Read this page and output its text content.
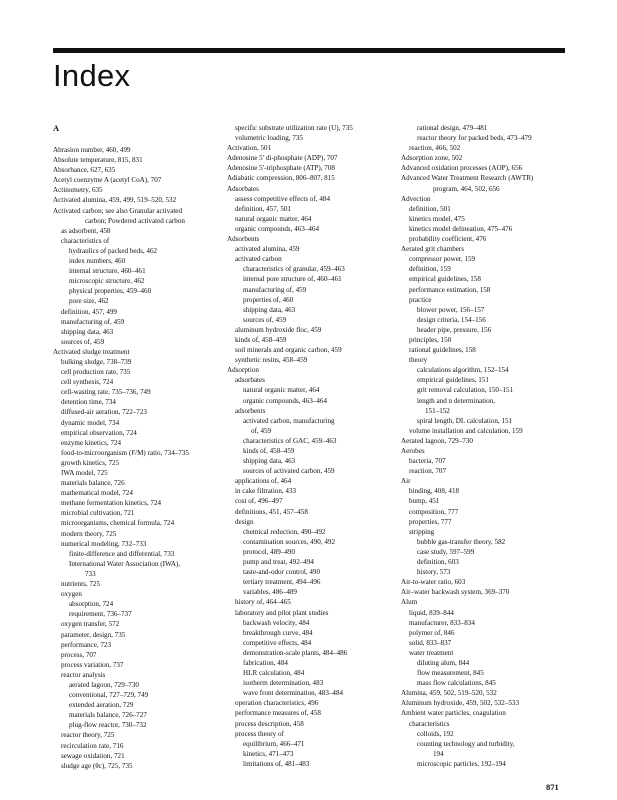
Index
A
Abrasion number, 460, 499
Absolute temperature, 815, 831
Absorbance, 627, 635
Acetyl coenzyme A (acetyl CoA), 707
Actinometry, 635
Activated alumina, 459, 499, 519–520, 532
Activated carbon; see also Granular activated
carbon; Powdered activated carbon
as adsorbent, 458
characteristics of
hydraulics of packed beds, 462
index numbers, 460
internal structure, 460–461
microscopic structure, 462
physical properties, 459–460
pore size, 462
definition, 457, 499
manufacturing of, 459
shipping data, 463
sources of, 459
Activated sludge treatment
bulking sludge, 738–739
cell production rate, 735
cell synthesis, 724
cell-wasting rate, 735–736, 749
detention time, 734
diffused-air aeration, 722–723
dynamic model, 734
empirical observation, 724
enzyme kinetics, 724
food-to-microorganism (F/M) ratio, 734–735
growth kinetics, 725
IWA model, 725
materials balance, 726
mathematical model, 724
methane fermentation kinetics, 724
microbial cultivation, 721
microorganisms, chemical formula, 724
modern theory, 725
numerical modeling, 732–733
finite-difference and differential, 733
International Water Association (IWA),
733
nutrients, 725
oxygen
absorption, 724
requirement, 736–737
oxygen transfer, 572
parameter, design, 735
performance, 723
process, 707
process variation, 737
reactor analysis
aerated lagoon, 729–730
conventional, 727–729, 749
extended aeration, 729
materials balance, 726–727
plug-flow reactor, 730–732
reactor theory, 725
recirculation rate, 716
sewage oxidation, 721
sludge age (θc), 725, 735
specific substrate utilization rate (U), 735
volumetric loading, 735
Activation, 501
Adenosine 5′ di-phosphate (ADP), 707
Adenosine 5′-triphosphate (ATP), 708
Adiabatic compression, 806–807, 815
Adsorbates
assess competitive effects of, 484
definition, 457, 501
natural organic matter, 464
organic compounds, 463–464
Adsorbents
activated alumina, 459
activated carbon
characteristics of granular, 459–463
internal pore structure of, 460–461
manufacturing of, 459
properties of, 460
shipping data, 463
sources of, 459
aluminum hydroxide floc, 459
kinds of, 458–459
soil minerals and organic carbon, 459
synthetic resins, 458–459
Adsorption
adsorbates
natural organic matter, 464
organic compounds, 463–464
adsorbents
activated carbon, manufacturing
of, 459
characteristics of GAC, 459–463
kinds of, 458–459
shipping data, 463
sources of activated carbon, 459
applications of, 464
in cake filtration, 433
cost of, 496–497
definitions, 451, 457–458
design
chemical reduction, 490–492
contamination sources, 490, 492
protocol, 489–490
pump and treat, 492–494
taste-and-odor control, 490
tertiary treatment, 494–496
variables, 486–489
history of, 464–465
laboratory and pilot plant studies
backwash velocity, 484
breakthrough curve, 484
competitive effects, 484
demonstration-scale plants, 484–486
fabrication, 484
HLR calculation, 484
isotherm determination, 483
wave front determination, 483–484
operation characteristics, 496
performance measures of, 458
process description, 458
process theory of
equilibrium, 466–471
kinetics, 471–473
limitations of, 481–483
rational design, 479–481
reactor theory for packed beds, 473–479
reaction, 466, 502
Adsorption zone, 502
Advanced oxidation processes (AOP), 656
Advanced Water Treatment Research (AWTR)
program, 464, 502, 656
Advection
definition, 501
kinetics model, 475
kinetics model delineation, 475–476
probability coefficient, 476
Aerated grit chambers
compressor power, 159
definition, 159
empirical guidelines, 158
performance estimation, 158
practice
blower power, 156–157
design criteria, 154–156
header pipe, pressure, 156
principles, 150
rational guidelines, 158
theory
calculations algorithm, 152–154
empirical guidelines, 151
grit removal calculation, 150–151
length and n determination,
151–152
spiral length, DL calculation, 151
volume installation and calculation, 159
Aerated lagoon, 729–730
Aerobes
bacteria, 707
reaction, 707
Air
binding, 408, 418
bump, 451
composition, 777
properties, 777
stripping
bubble gas-transfer theory, 582
case study, 597–599
definition, 603
history, 573
Air-to-water ratio, 603
Air–water backwash system, 369–370
Alum
liquid, 839–844
manufacturer, 833–834
polymer of, 846
solid, 833–837
water treatment
diluting alum, 844
flow measurement, 845
mass flow calculations, 845
Alumina, 459, 502, 519–520, 532
Aluminum hydroxide, 459, 502, 532–533
Ambient water particles, coagulation
characteristics
colloids, 192
counting technology and turbidity,
194
microscopic particles, 192–194
871
